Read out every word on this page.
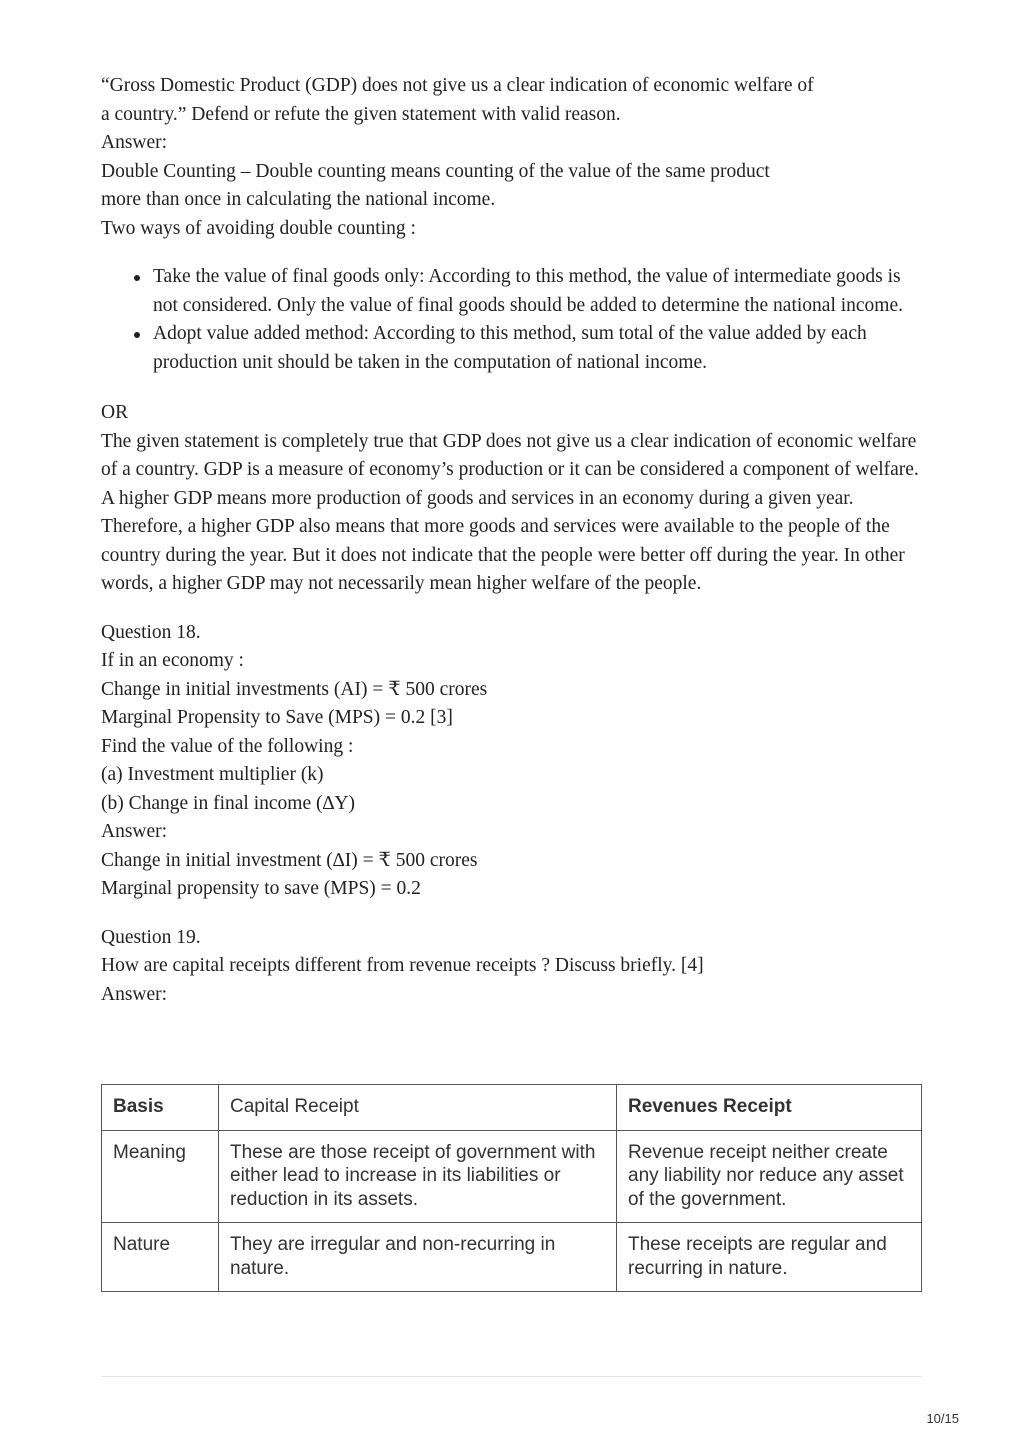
“Gross Domestic Product (GDP) does not give us a clear indication of economic welfare of
a country.” Defend or refute the given statement with valid reason.
Answer:
Double Counting – Double counting means counting of the value of the same product
more than once in calculating the national income.
Two ways of avoiding double counting :
Take the value of final goods only: According to this method, the value of intermediate goods is not considered. Only the value of final goods should be added to determine the national income.
Adopt value added method: According to this method, sum total of the value added by each production unit should be taken in the computation of national income.
OR
The given statement is completely true that GDP does not give us a clear indication of economic welfare of a country. GDP is a measure of economy’s production or it can be considered a component of welfare. A higher GDP means more production of goods and services in an economy during a given year. Therefore, a higher GDP also means that more goods and services were available to the people of the country during the year. But it does not indicate that the people were better off during the year. In other words, a higher GDP may not necessarily mean higher welfare of the people.
Question 18.
If in an economy :
Change in initial investments (AI) = ₹ 500 crores
Marginal Propensity to Save (MPS) = 0.2 [3]
Find the value of the following :
(a) Investment multiplier (k)
(b) Change in final income (∆Y)
Answer:
Change in initial investment (∆I) = ₹ 500 crores
Marginal propensity to save (MPS) = 0.2
Question 19.
How are capital receipts different from revenue receipts ? Discuss briefly. [4]
Answer:
Basis	Capital Receipt	Revenues Receipt
Meaning	These are those receipt of government with either lead to increase in its liabilities or reduction in its assets.	Revenue receipt neither create any liability nor reduce any asset of the government.
Nature	They are irregular and non-recurring in nature.	These receipts are regular and recurring in nature.
10/15
